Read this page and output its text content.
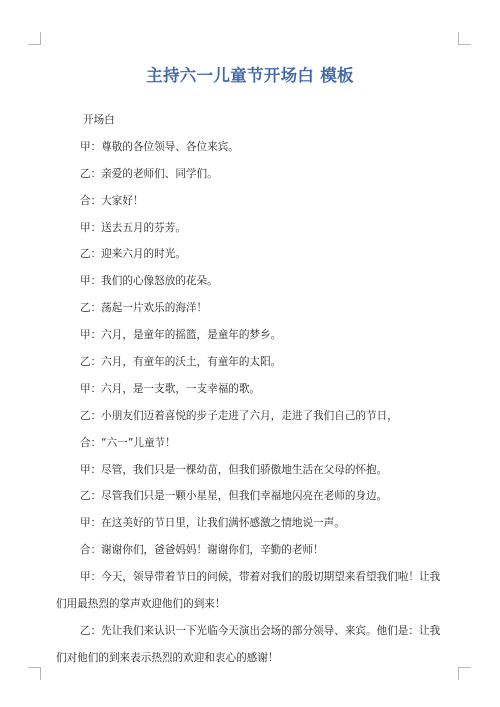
主持六一儿童节开场白 模板
开场白
甲：尊敬的各位领导、各位来宾。
乙：亲爱的老师们、同学们。
合：大家好！
甲：送去五月的芬芳。
乙：迎来六月的时光。
甲：我们的心像怒放的花朵。
乙：荡起一片欢乐的海洋！
甲：六月，是童年的摇篮，是童年的梦乡。
乙：六月，有童年的沃土，有童年的太阳。
甲：六月，是一支歌，一支幸福的歌。
乙：小朋友们迈着喜悦的步子走进了六月，走进了我们自己的节日，
合：“六一”儿童节！
甲：尽管，我们只是一棵幼苗，但我们骄傲地生活在父母的怀抱。
乙：尽管我们只是一颗小星星，但我们幸福地闪亮在老师的身边。
甲：在这美好的节日里，让我们满怀感激之情地说一声。
合：谢谢你们，爸爸妈妈！谢谢你们，辛勤的老师！
甲：今天，领导带着节日的问候，带着对我们的殷切期望来看望我们啦！让我们用最热烈的掌声欢迎他们的到来！
乙：先让我们来认识一下光临今天演出会场的部分领导、来宾。他们是：让我们对他们的到来表示热烈的欢迎和衷心的感谢！
